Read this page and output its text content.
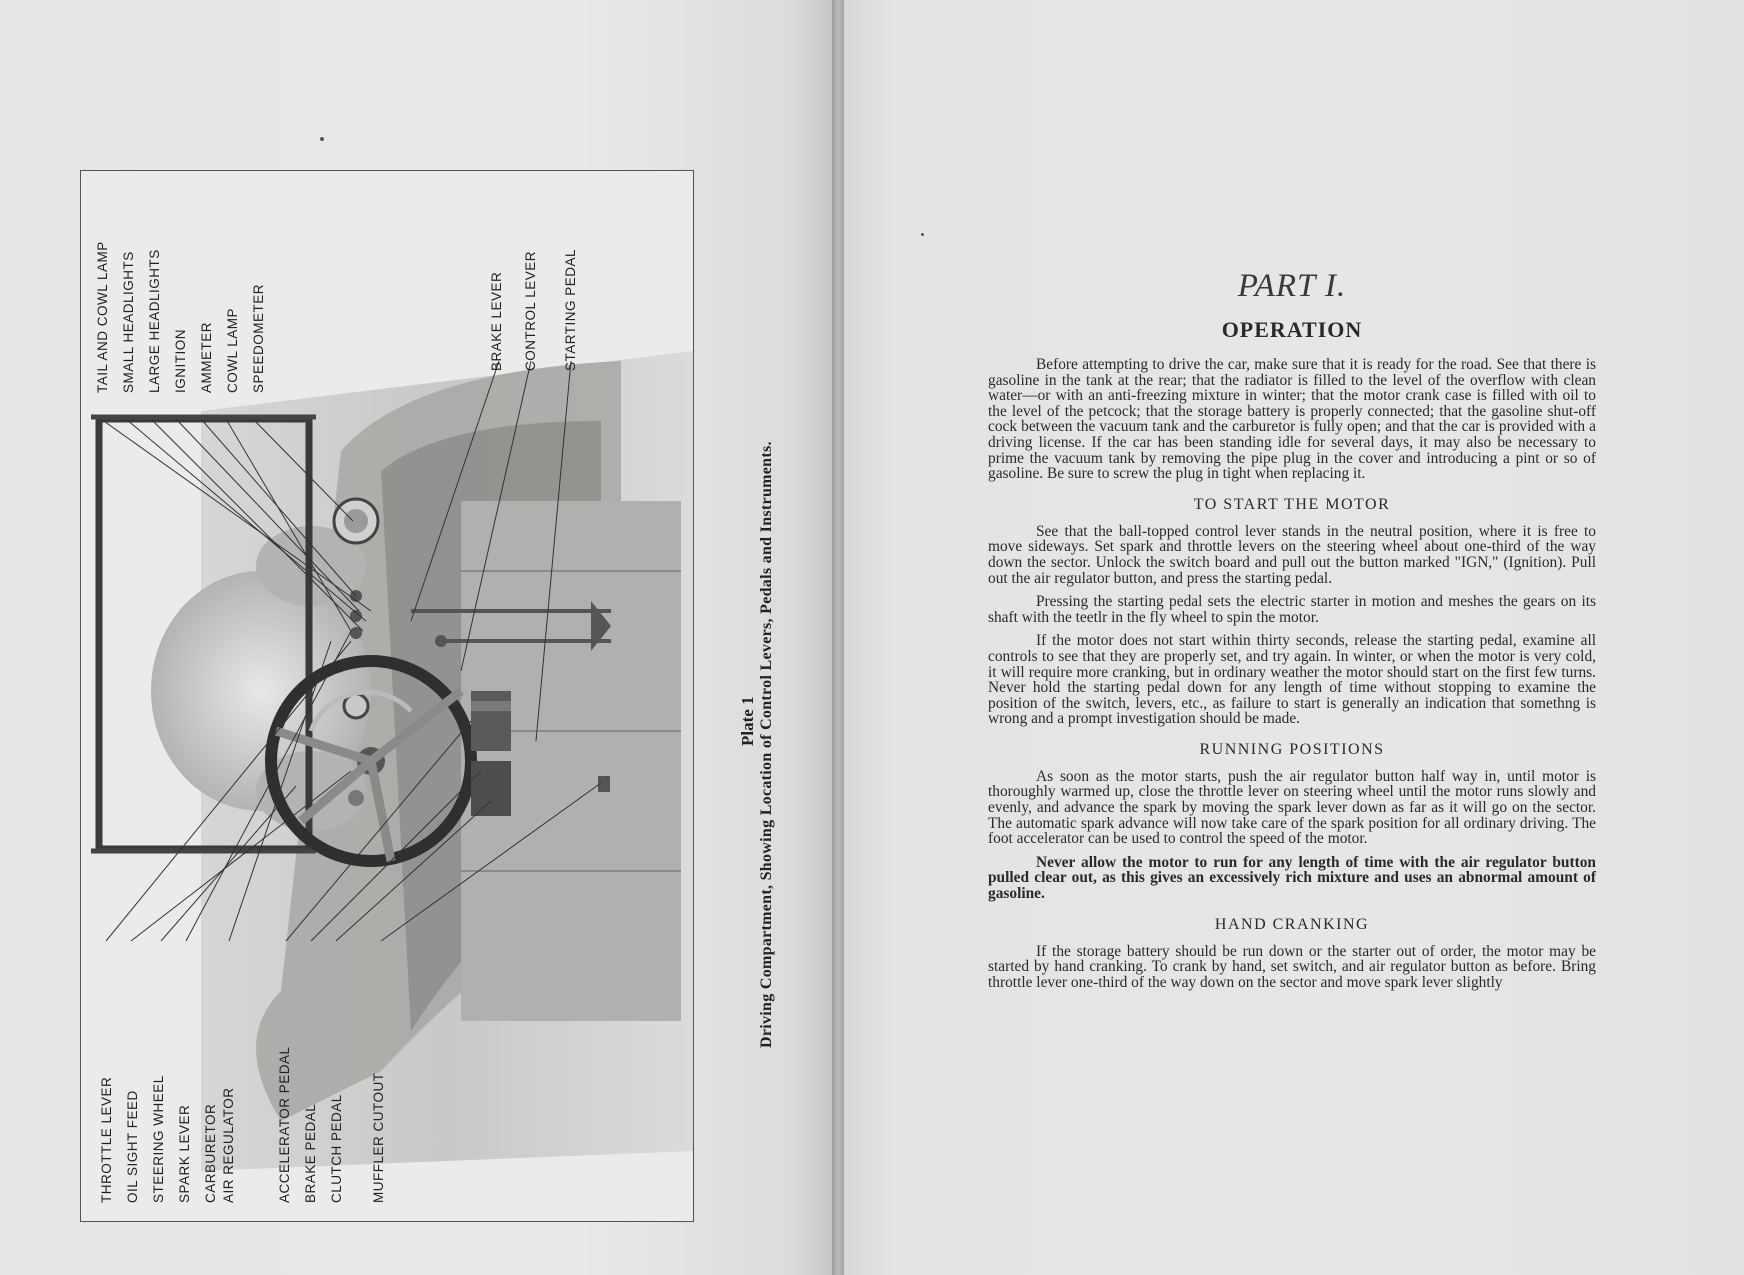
TAIL AND COWL LAMP SMALL HEADLIGHTS LARGE HEADLIGHTS IGNITION AMMETER COWL LAMP SPEEDOMETER	BRAKE LEVER CONTROL LEVER STARTING PEDAL
THROTTLE LEVER OIL SIGHT FEED STEERING WHEEL SPARK LEVER CARBURETOR AIR REGULATOR	ACCELERATOR PEDAL BRAKE PEDAL CLUTCH PEDAL MUFFLER CUTOUT
Plate 1 Driving Compartment, Showing Location of Control Levers, Pedals and Instruments.
PART I.
OPERATION

Before attempting to drive the car, make sure that it is ready for the road. See that there is gasoline in the tank at the rear; that the radiator is filled to the level of the overflow with clean water—or with an anti-freezing mixture in winter; that the motor crank case is filled with oil to the level of the petcock; that the storage battery is properly connected; that the gasoline shut-off cock between the vacuum tank and the carburetor is fully open; and that the car is provided with a driving license. If the car has been standing idle for several days, it may also be necessary to prime the vacuum tank by removing the pipe plug in the cover and introducing a pint or so of gasoline. Be sure to screw the plug in tight when replacing it.

TO START THE MOTOR

See that the ball-topped control lever stands in the neutral position, where it is free to move sideways. Set spark and throttle levers on the steering wheel about one-third of the way down the sector. Unlock the switch board and pull out the button marked "IGN," (Ignition). Pull out the air regulator button, and press the starting pedal.

Pressing the starting pedal sets the electric starter in motion and meshes the gears on its shaft with the teetlr in the fly wheel to spin the motor.

If the motor does not start within thirty seconds, release the starting pedal, examine all controls to see that they are properly set, and try again. In winter, or when the motor is very cold, it will require more cranking, but in ordinary weather the motor should start on the first few turns. Never hold the starting pedal down for any length of time without stopping to examine the position of the switch, levers, etc., as failure to start is generally an indication that somethng is wrong and a prompt investigation should be made.

RUNNING POSITIONS

As soon as the motor starts, push the air regulator button half way in, until motor is thoroughly warmed up, close the throttle lever on steering wheel until the motor runs slowly and evenly, and advance the spark by moving the spark lever down as far as it will go on the sector. The automatic spark advance will now take care of the spark position for all ordinary driving. The foot accelerator can be used to control the speed of the motor.

Never allow the motor to run for any length of time with the air regulator button pulled clear out, as this gives an excessively rich mixture and uses an abnormal amount of gasoline.

HAND CRANKING

If the storage battery should be run down or the starter out of order, the motor may be started by hand cranking. To crank by hand, set switch, and air regulator button as before. Bring throttle lever one-third of the way down on the sector and move spark lever slightly
